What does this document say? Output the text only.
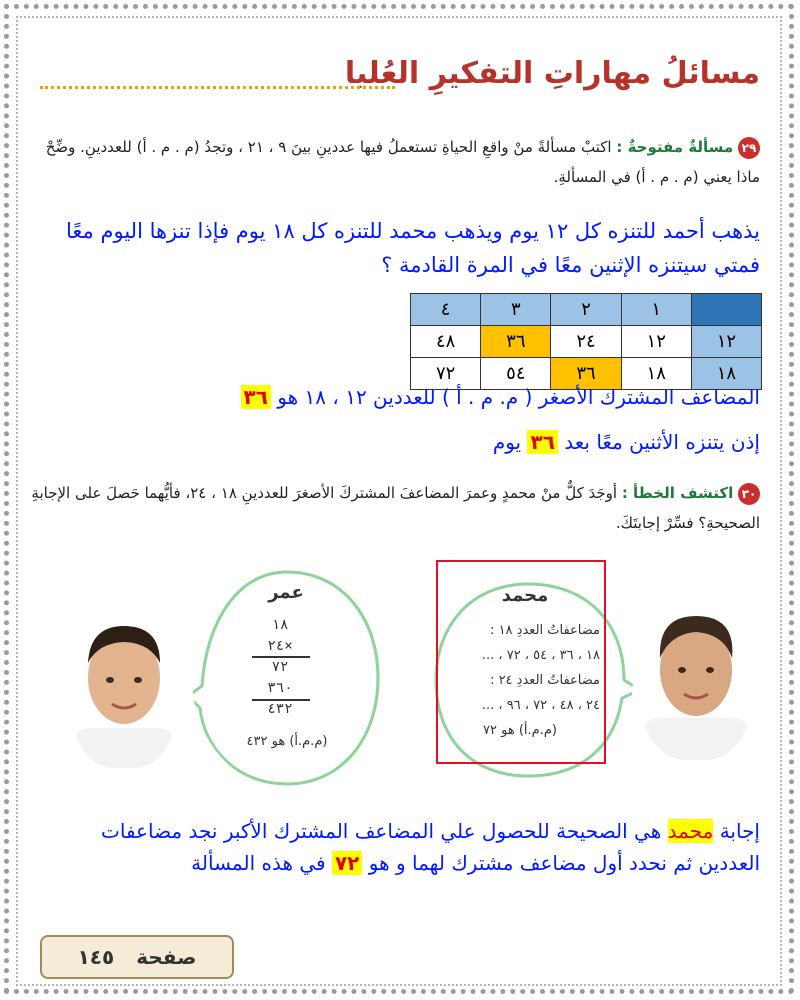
مسائلُ مهاراتِ التفكيرِ العُليا
٢٩ مسألةٌ مفتوحةٌ : اكتبْ مسألةً منْ واقعِ الحياةِ تستعملُ فيها عددينِ بينَ ٩ ، ٢١ ، وتجدُ (م . م . أ) للعددينِ. وضِّحْ ماذا يعني (م . م . أ) في المسألةِ.
يذهب أحمد للتنزه كل ١٢ يوم ويذهب محمد للتنزه كل ١٨ يوم فإذا تنزها اليوم معًا فمتي سيتنزه الإثنين معًا في المرة القادمة ؟
×	١	٢	٣	٤
١٢	١٢	٢٤	٣٦	٤٨
١٨	١٨	٣٦	٥٤	٧٢
المضاعف المشترك الأصغر ( م. م . أ ) للعددين ١٢ ، ١٨ هو ٣٦
إذن يتنزه الأثنين معًا بعد ٣٦ يوم
٣٠ اكتشف الخطأ : أوجَدَ كلٌّ منْ محمدٍ وعمرَ المضاعفَ المشتركَ الأصغرَ للعددينِ ١٨ ، ٢٤، فأيُّهما حَصلَ على الإجابةِ الصحيحةِ؟ فسِّرْ إجابتَكَ.
عمر
١٨
٢٤×
٧٢
٣٦٠
٤٣٢
(م.م.أ) هو ٤٣٢
محمد
مضاعفاتُ العددِ ١٨ :
١٨ ، ٣٦ ، ٥٤ ، ٧٢ ، ...
مضاعفاتُ العددِ ٢٤ :
٢٤ ، ٤٨ ، ٧٢ ، ٩٦ ، ...
(م.م.أ) هو ٧٢
إجابة محمد هي الصحيحة للحصول علي المضاعف المشترك الأكبر نجد مضاعفات العددين ثم نحدد أول مضاعف مشترك لهما و هو ٧٢ في هذه المسألة
صفحة
١٤٥
